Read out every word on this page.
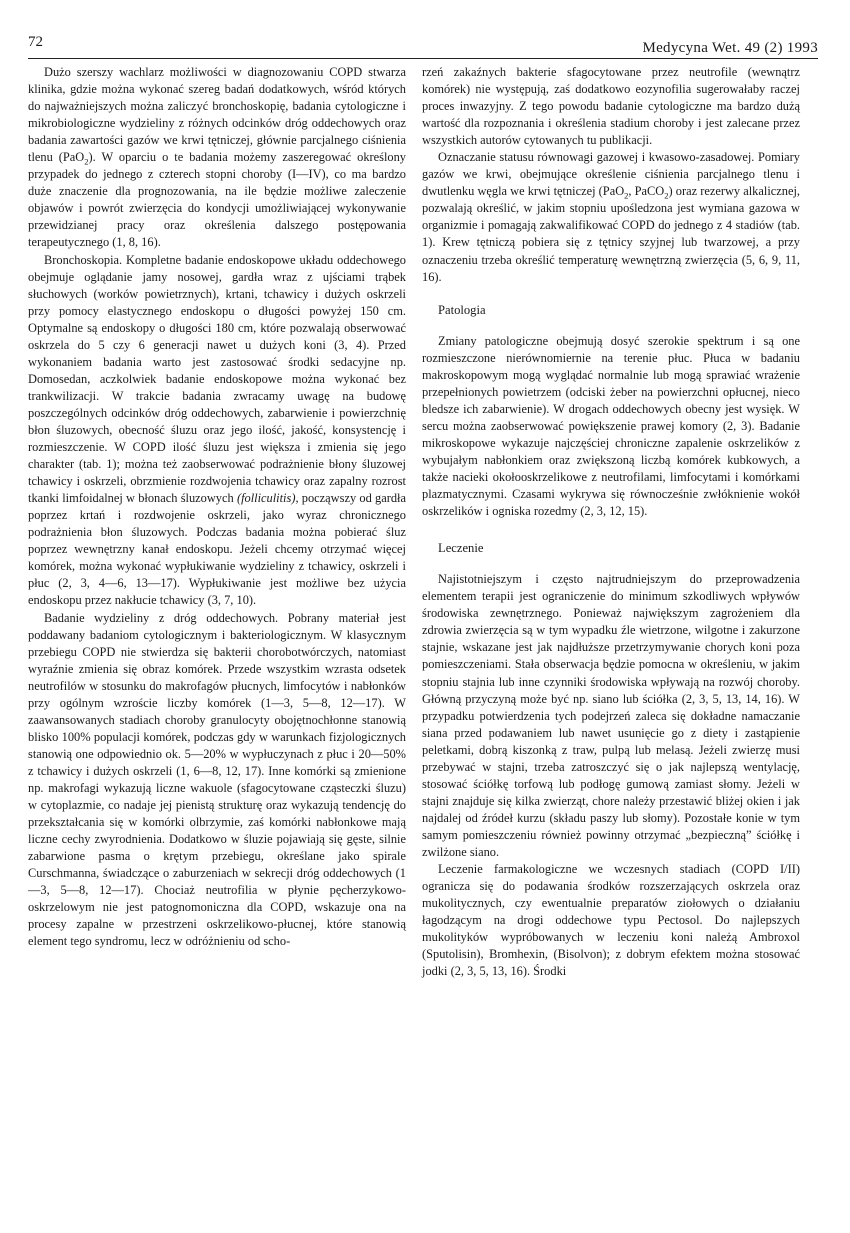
72	Medycyna Wet. 49 (2) 1993

Dużo szerszy wachlarz możliwości w diagnozowaniu COPD stwarza klinika, gdzie można wykonać szereg badań dodatkowych, wśród których do najważniejszych można zaliczyć bronchoskopię, badania cytologiczne i mikrobiologiczne wydzieliny z różnych odcinków dróg oddechowych oraz badania zawartości gazów we krwi tętniczej, głównie parcjalnego ciśnienia tlenu (PaO$_2$). W oparciu o te badania możemy zaszeregować określony przypadek do jednego z czterech stopni choroby (I—IV), co ma bardzo duże znaczenie dla prognozowania, na ile będzie możliwe zaleczenie objawów i powrót zwierzęcia do kondycji umożliwiającej wykonywanie przewidzianej pracy oraz określenia dalszego postępowania terapeutycznego (1, 8, 16).

Bronchoskopia. Kompletne badanie endoskopowe układu oddechowego obejmuje oglądanie jamy nosowej, gardła wraz z ujściami trąbek słuchowych (worków powietrznych), krtani, tchawicy i dużych oskrzeli przy pomocy elastycznego endoskopu o długości powyżej 150 cm. Optymalne są endoskopy o długości 180 cm, które pozwalają obserwować oskrzela do 5 czy 6 generacji nawet u dużych koni (3, 4). Przed wykonaniem badania warto jest zastosować środki sedacyjne np. Domosedan, aczkolwiek badanie endoskopowe można wykonać bez trankwilizacji. W trakcie badania zwracamy uwagę na budowę poszczególnych odcinków dróg oddechowych, zabarwienie i powierzchnię błon śluzowych, obecność śluzu oraz jego ilość, jakość, konsystencję i rozmieszczenie. W COPD ilość śluzu jest większa i zmienia się jego charakter (tab. 1); można też zaobserwować podrażnienie błony śluzowej tchawicy i oskrzeli, obrzmienie rozdwojenia tchawicy oraz zapalny rozrost tkanki limfoidalnej w błonach śluzowych (folliculitis), począwszy od gardła poprzez krtań i rozdwojenie oskrzeli, jako wyraz chronicznego podrażnienia błon śluzowych. Podczas badania można pobierać śluz poprzez wewnętrzny kanał endoskopu. Jeżeli chcemy otrzymać więcej komórek, można wykonać wypłukiwanie wydzieliny z tchawicy, oskrzeli i płuc (2, 3, 4—6, 13—17). Wypłukiwanie jest możliwe bez użycia endoskopu przez nakłucie tchawicy (3, 7, 10).

Badanie wydzieliny z dróg oddechowych. Pobrany materiał jest poddawany badaniom cytologicznym i bakteriologicznym. W klasycznym przebiegu COPD nie stwierdza się bakterii chorobotwórczych, natomiast wyraźnie zmienia się obraz komórek. Przede wszystkim wzrasta odsetek neutrofilów w stosunku do makrofagów płucnych, limfocytów i nabłonków przy ogólnym wzroście liczby komórek (1—3, 5—8, 12—17). W zaawansowanych stadiach choroby granulocyty obojętnochłonne stanowią blisko 100% populacji komórek, podczas gdy w warunkach fizjologicznych stanowią one odpowiednio ok. 5—20% w wypłuczynach z płuc i 20—50% z tchawicy i dużych oskrzeli (1, 6—8, 12, 17). Inne komórki są zmienione np. makrofagi wykazują liczne wakuole (sfagocytowane cząsteczki śluzu) w cytoplazmie, co nadaje jej pienistą strukturę oraz wykazują tendencję do przekształcania się w komórki olbrzymie, zaś komórki nabłonkowe mają liczne cechy zwyrodnienia. Dodatkowo w śluzie pojawiają się gęste, silnie zabarwione pasma o krętym przebiegu, określane jako spirale Curschmanna, świadczące o zaburzeniach w sekrecji dróg oddechowych (1—3, 5—8, 12—17). Chociaż neutrofilia w płynie pęcherzykowo-oskrzelowym nie jest patognomoniczna dla COPD, wskazuje ona na procesy zapalne w przestrzeni oskrzelikowo-płucnej, które stanowią element tego syndromu, lecz w odróżnieniu od scho-

rzeń zakaźnych bakterie sfagocytowane przez neutrofile (wewnątrz komórek) nie występują, zaś dodatkowo eozynofilia sugerowałaby raczej proces inwazyjny. Z tego powodu badanie cytologiczne ma bardzo dużą wartość dla rozpoznania i określenia stadium choroby i jest zalecane przez wszystkich autorów cytowanych tu publikacji.

Oznaczanie statusu równowagi gazowej i kwasowo-zasadowej. Pomiary gazów we krwi, obejmujące określenie ciśnienia parcjalnego tlenu i dwutlenku węgla we krwi tętniczej (PaO$_2$, PaCO$_2$) oraz rezerwy alkalicznej, pozwalają określić, w jakim stopniu upośledzona jest wymiana gazowa w organizmie i pomagają zakwalifikować COPD do jednego z 4 stadiów (tab. 1). Krew tętniczą pobiera się z tętnicy szyjnej lub twarzowej, a przy oznaczeniu trzeba określić temperaturę wewnętrzną zwierzęcia (5, 6, 9, 11, 16).

Patologia

Zmiany patologiczne obejmują dosyć szerokie spektrum i są one rozmieszczone nierównomiernie na terenie płuc. Płuca w badaniu makroskopowym mogą wyglądać normalnie lub mogą sprawiać wrażenie przepełnionych powietrzem (odciski żeber na powierzchni opłucnej, nieco bledsze ich zabarwienie). W drogach oddechowych obecny jest wysięk. W sercu można zaobserwować powiększenie prawej komory (2, 3). Badanie mikroskopowe wykazuje najczęściej chroniczne zapalenie oskrzelików z wybujałym nabłonkiem oraz zwiększoną liczbą komórek kubkowych, a także nacieki okołooskrzelikowe z neutrofilami, limfocytami i komórkami plazmatycznymi. Czasami wykrywa się równocześnie zwłóknienie wokół oskrzelików i ogniska rozedmy (2, 3, 12, 15).

Leczenie

Najistotniejszym i często najtrudniejszym do przeprowadzenia elementem terapii jest ograniczenie do minimum szkodliwych wpływów środowiska zewnętrznego. Ponieważ największym zagrożeniem dla zdrowia zwierzęcia są w tym wypadku źle wietrzone, wilgotne i zakurzone stajnie, wskazane jest jak najdłuższe przetrzymywanie chorych koni poza pomieszczeniami. Stała obserwacja będzie pomocna w określeniu, w jakim stopniu stajnia lub inne czynniki środowiska wpływają na rozwój choroby. Główną przyczyną może być np. siano lub ściółka (2, 3, 5, 13, 14, 16). W przypadku potwierdzenia tych podejrzeń zaleca się dokładne namaczanie siana przed podawaniem lub nawet usunięcie go z diety i zastąpienie peletkami, dobrą kiszonką z traw, pulpą lub melasą. Jeżeli zwierzę musi przebywać w stajni, trzeba zatroszczyć się o jak najlepszą wentylację, stosować ściółkę torfową lub podłogę gumową zamiast słomy. Jeżeli w stajni znajduje się kilka zwierząt, chore należy przestawić bliżej okien i jak najdalej od źródeł kurzu (składu paszy lub słomy). Pozostałe konie w tym samym pomieszczeniu również powinny otrzymać „bezpieczną” ściółkę i zwilżone siano.

Leczenie farmakologiczne we wczesnych stadiach (COPD I/II) ogranicza się do podawania środków rozszerzających oskrzela oraz mukolitycznych, czy ewentualnie preparatów ziołowych o działaniu łagodzącym na drogi oddechowe typu Pectosol. Do najlepszych mukolityków wypróbowanych w leczeniu koni należą Ambroxol (Sputolisin), Bromhexin, (Bisolvon); z dobrym efektem można stosować jodki (2, 3, 5, 13, 16). Środki
